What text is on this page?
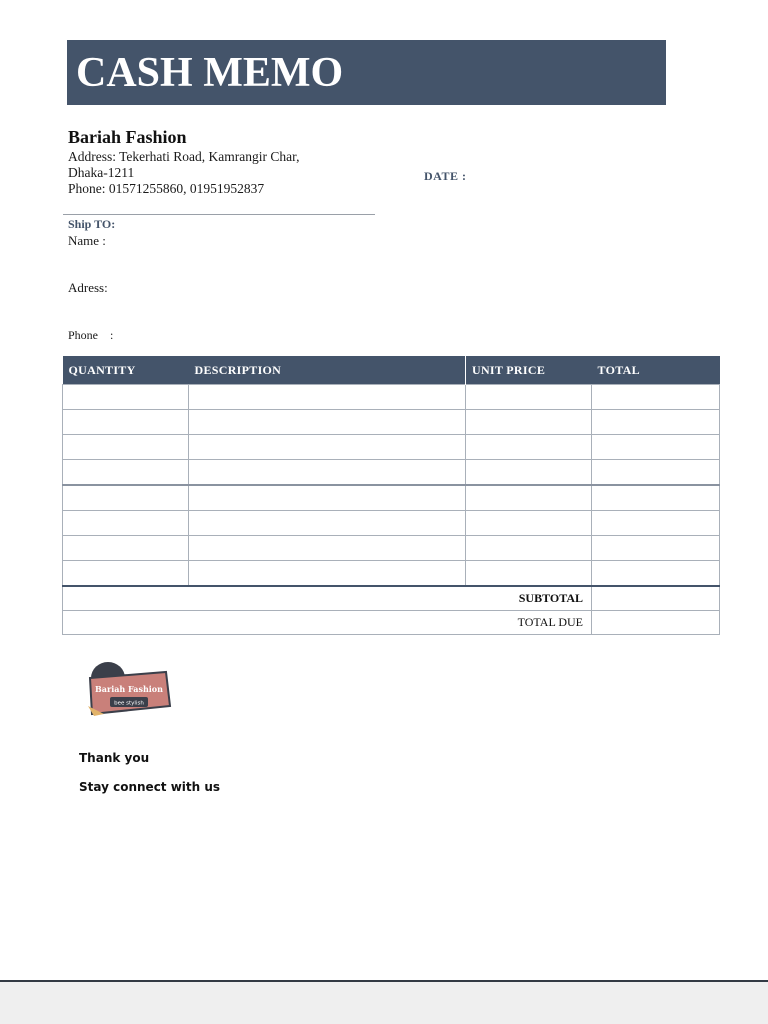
CASH MEMO
Bariah Fashion
Address: Tekerhati Road, Kamrangir Char,
Dhaka-1211
Phone: 01571255860, 01951952837
DATE :
Ship TO:
Name :
Adress:
Phone    :
QUANTITY	DESCRIPTION	UNIT PRICE	TOTAL

SUBTOTAL			
TOTAL DUE			
Bariah Fashion
bee stylish
Thank you
Stay connect with us
